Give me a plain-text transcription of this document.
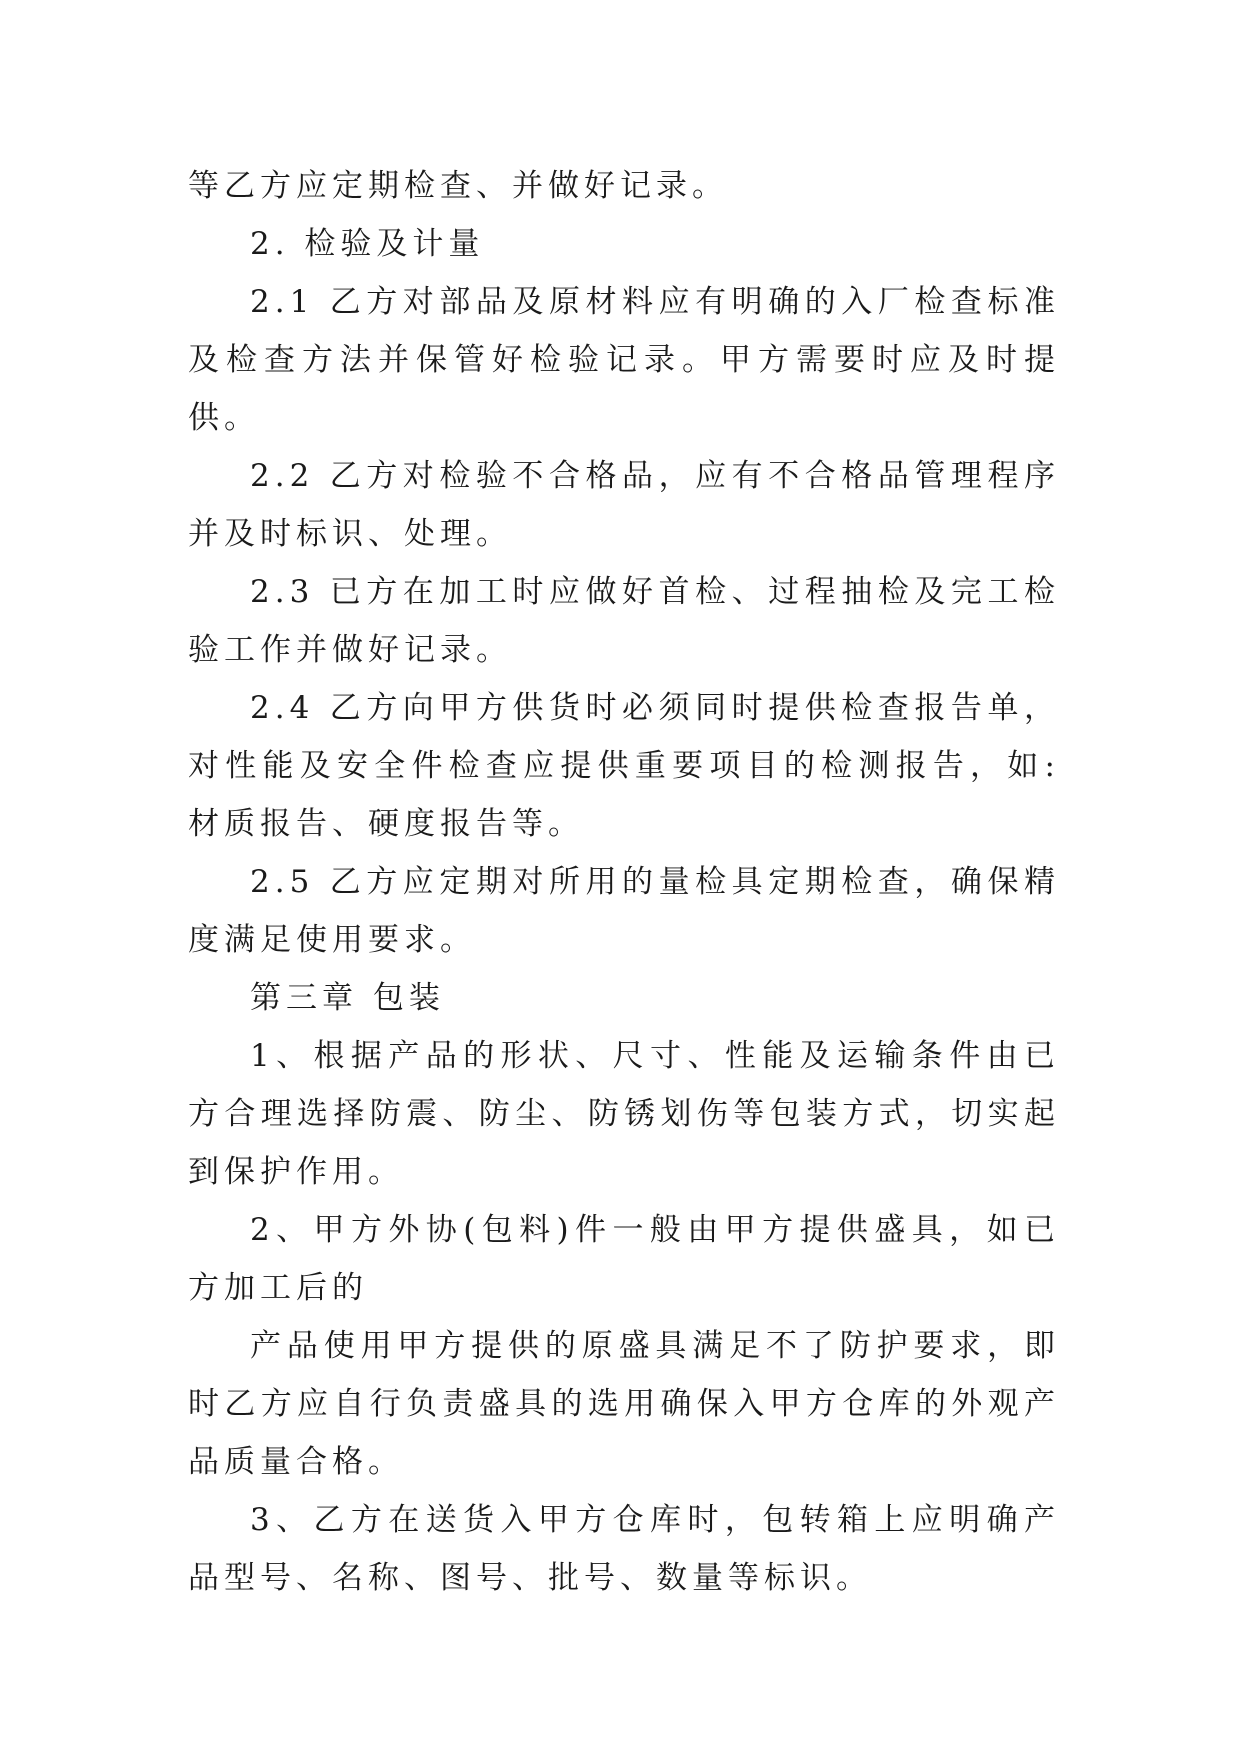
等乙方应定期检查、并做好记录。

2. 检验及计量

2.1 乙方对部品及原材料应有明确的入厂检查标准及检查方法并保管好检验记录。甲方需要时应及时提供。

2.2 乙方对检验不合格品，应有不合格品管理程序并及时标识、处理。

2.3 已方在加工时应做好首检、过程抽检及完工检验工作并做好记录。

2.4 乙方向甲方供货时必须同时提供检查报告单，对性能及安全件检查应提供重要项目的检测报告，如:材质报告、硬度报告等。

2.5 乙方应定期对所用的量检具定期检查，确保精度满足使用要求。

第三章 包装

1、根据产品的形状、尺寸、性能及运输条件由已方合理选择防震、防尘、防锈划伤等包装方式，切实起到保护作用。

2、甲方外协(包料)件一般由甲方提供盛具，如已方加工后的

产品使用甲方提供的原盛具满足不了防护要求，即时乙方应自行负责盛具的选用确保入甲方仓库的外观产品质量合格。

3、乙方在送货入甲方仓库时，包转箱上应明确产品型号、名称、图号、批号、数量等标识。
